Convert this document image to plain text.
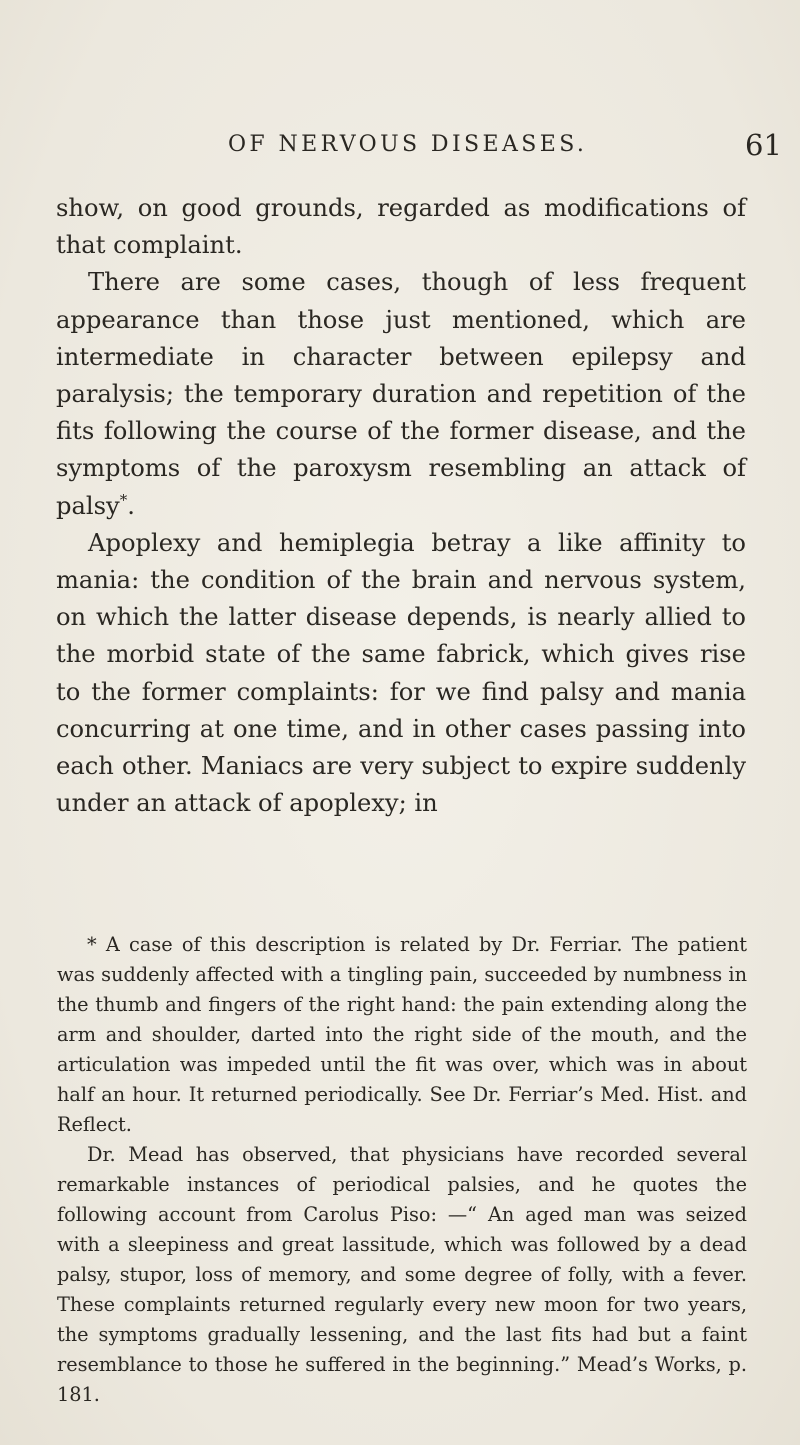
OF NERVOUS DISEASES.	61

show, on good grounds, regarded as modifications of that complaint.

There are some cases, though of less frequent appearance than those just mentioned, which are intermediate in character between epilepsy and paralysis; the temporary duration and repetition of the fits following the course of the former disease, and the symptoms of the paroxysm resembling an attack of palsy*.

Apoplexy and hemiplegia betray a like affinity to mania: the condition of the brain and nervous system, on which the latter disease depends, is nearly allied to the morbid state of the same fabrick, which gives rise to the former complaints: for we find palsy and mania concurring at one time, and in other cases passing into each other. Maniacs are very subject to expire suddenly under an attack of apoplexy; in

* A case of this description is related by Dr. Ferriar. The patient was suddenly affected with a tingling pain, succeeded by numbness in the thumb and fingers of the right hand: the pain extending along the arm and shoulder, darted into the right side of the mouth, and the articulation was impeded until the fit was over, which was in about half an hour. It returned periodically. See Dr. Ferriar’s Med. Hist. and Reflect.

Dr. Mead has observed, that physicians have recorded several remarkable instances of periodical palsies, and he quotes the following account from Carolus Piso: —“ An aged man was seized with a sleepiness and great lassitude, which was followed by a dead palsy, stupor, loss of memory, and some degree of folly, with a fever. These complaints returned regularly every new moon for two years, the symptoms gradually lessening, and the last fits had but a faint resemblance to those he suffered in the beginning.” Mead’s Works, p. 181.
